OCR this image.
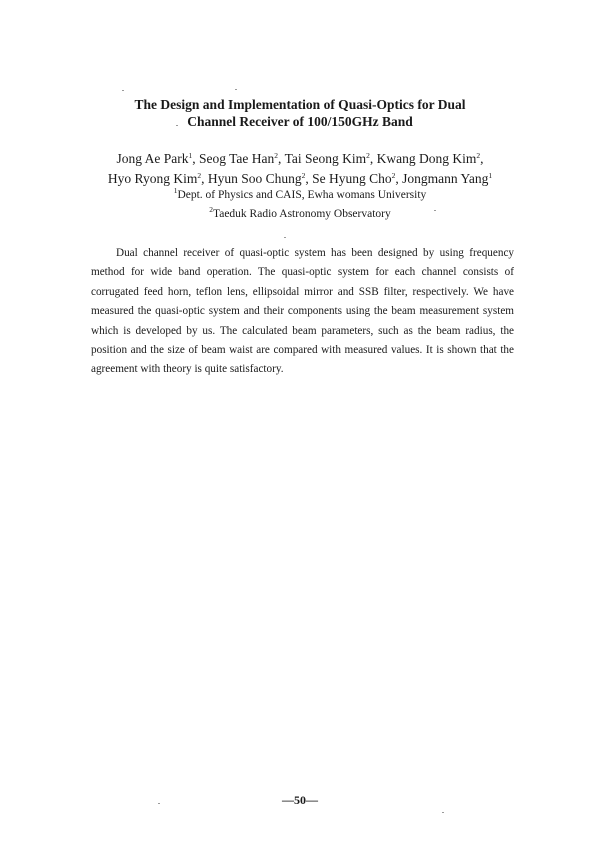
The Design and Implementation of Quasi-Optics for Dual
Channel Receiver of 100/150GHz Band
Jong Ae Park$^1$, Seog Tae Han$^2$, Tai Seong Kim$^2$, Kwang Dong Kim$^2$,
Hyo Ryong Kim$^2$, Hyun Soo Chung$^2$, Se Hyung Cho$^2$, Jongmann Yang$^1$
$^1$Dept. of Physics and CAIS, Ewha womans University
$^2$Taeduk Radio Astronomy Observatory

Dual channel receiver of quasi-optic system has been designed by using frequency method for wide band operation. The quasi-optic system for each channel consists of corrugated feed horn, teflon lens, ellipsoidal mirror and SSB filter, respectively. We have measured the quasi-optic system and their components using the beam measurement system which is developed by us. The calculated beam parameters, such as the beam radius, the position and the size of beam waist are compared with measured values. It is shown that the agreement with theory is quite satisfactory.

—50—
